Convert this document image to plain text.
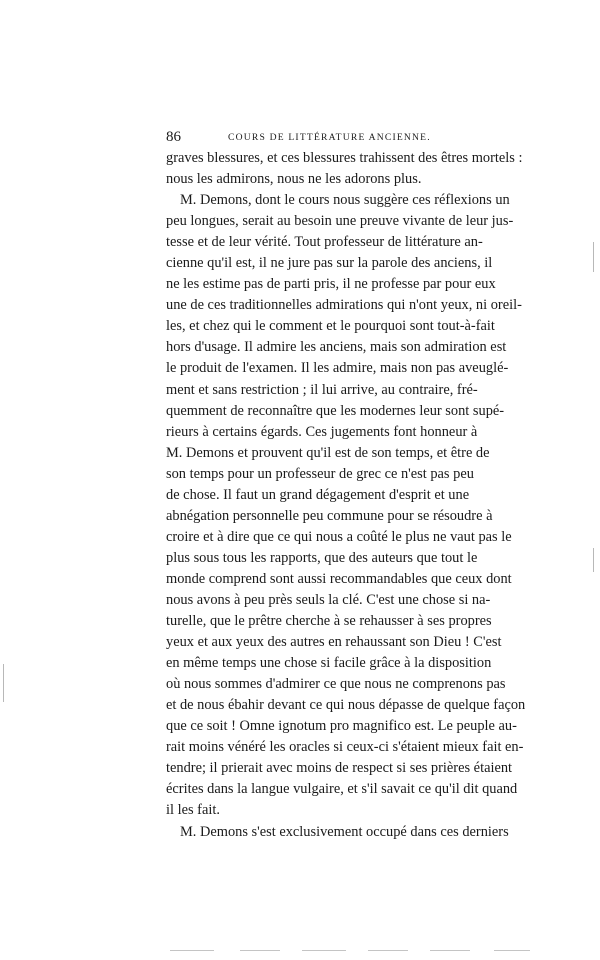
86	COURS DE LITTÉRATURE ANCIENNE.
graves blessures, et ces blessures trahissent des êtres mortels :
nous les admirons, nous ne les adorons plus.
M. Demons, dont le cours nous suggère ces réflexions un
peu longues, serait au besoin une preuve vivante de leur jus-
tesse et de leur vérité. Tout professeur de littérature an-
cienne qu'il est, il ne jure pas sur la parole des anciens, il
ne les estime pas de parti pris, il ne professe par pour eux
une de ces traditionnelles admirations qui n'ont yeux, ni oreil-
les, et chez qui le comment et le pourquoi sont tout-à-fait
hors d'usage. Il admire les anciens, mais son admiration est
le produit de l'examen. Il les admire, mais non pas aveuglé-
ment et sans restriction ; il lui arrive, au contraire, fré-
quemment de reconnaître que les modernes leur sont supé-
rieurs à certains égards. Ces jugements font honneur à
M. Demons et prouvent qu'il est de son temps, et être de
son temps pour un professeur de grec ce n'est pas peu
de chose. Il faut un grand dégagement d'esprit et une
abnégation personnelle peu commune pour se résoudre à
croire et à dire que ce qui nous a coûté le plus ne vaut pas le
plus sous tous les rapports, que des auteurs que tout le
monde comprend sont aussi recommandables que ceux dont
nous avons à peu près seuls la clé. C'est une chose si na-
turelle, que le prêtre cherche à se rehausser à ses propres
yeux et aux yeux des autres en rehaussant son Dieu ! C'est
en même temps une chose si facile grâce à la disposition
où nous sommes d'admirer ce que nous ne comprenons pas
et de nous ébahir devant ce qui nous dépasse de quelque façon
que ce soit ! Omne ignotum pro magnifico est. Le peuple au-
rait moins vénéré les oracles si ceux-ci s'étaient mieux fait en-
tendre; il prierait avec moins de respect si ses prières étaient
écrites dans la langue vulgaire, et s'il savait ce qu'il dit quand
il les fait.
M. Demons s'est exclusivement occupé dans ces derniers
